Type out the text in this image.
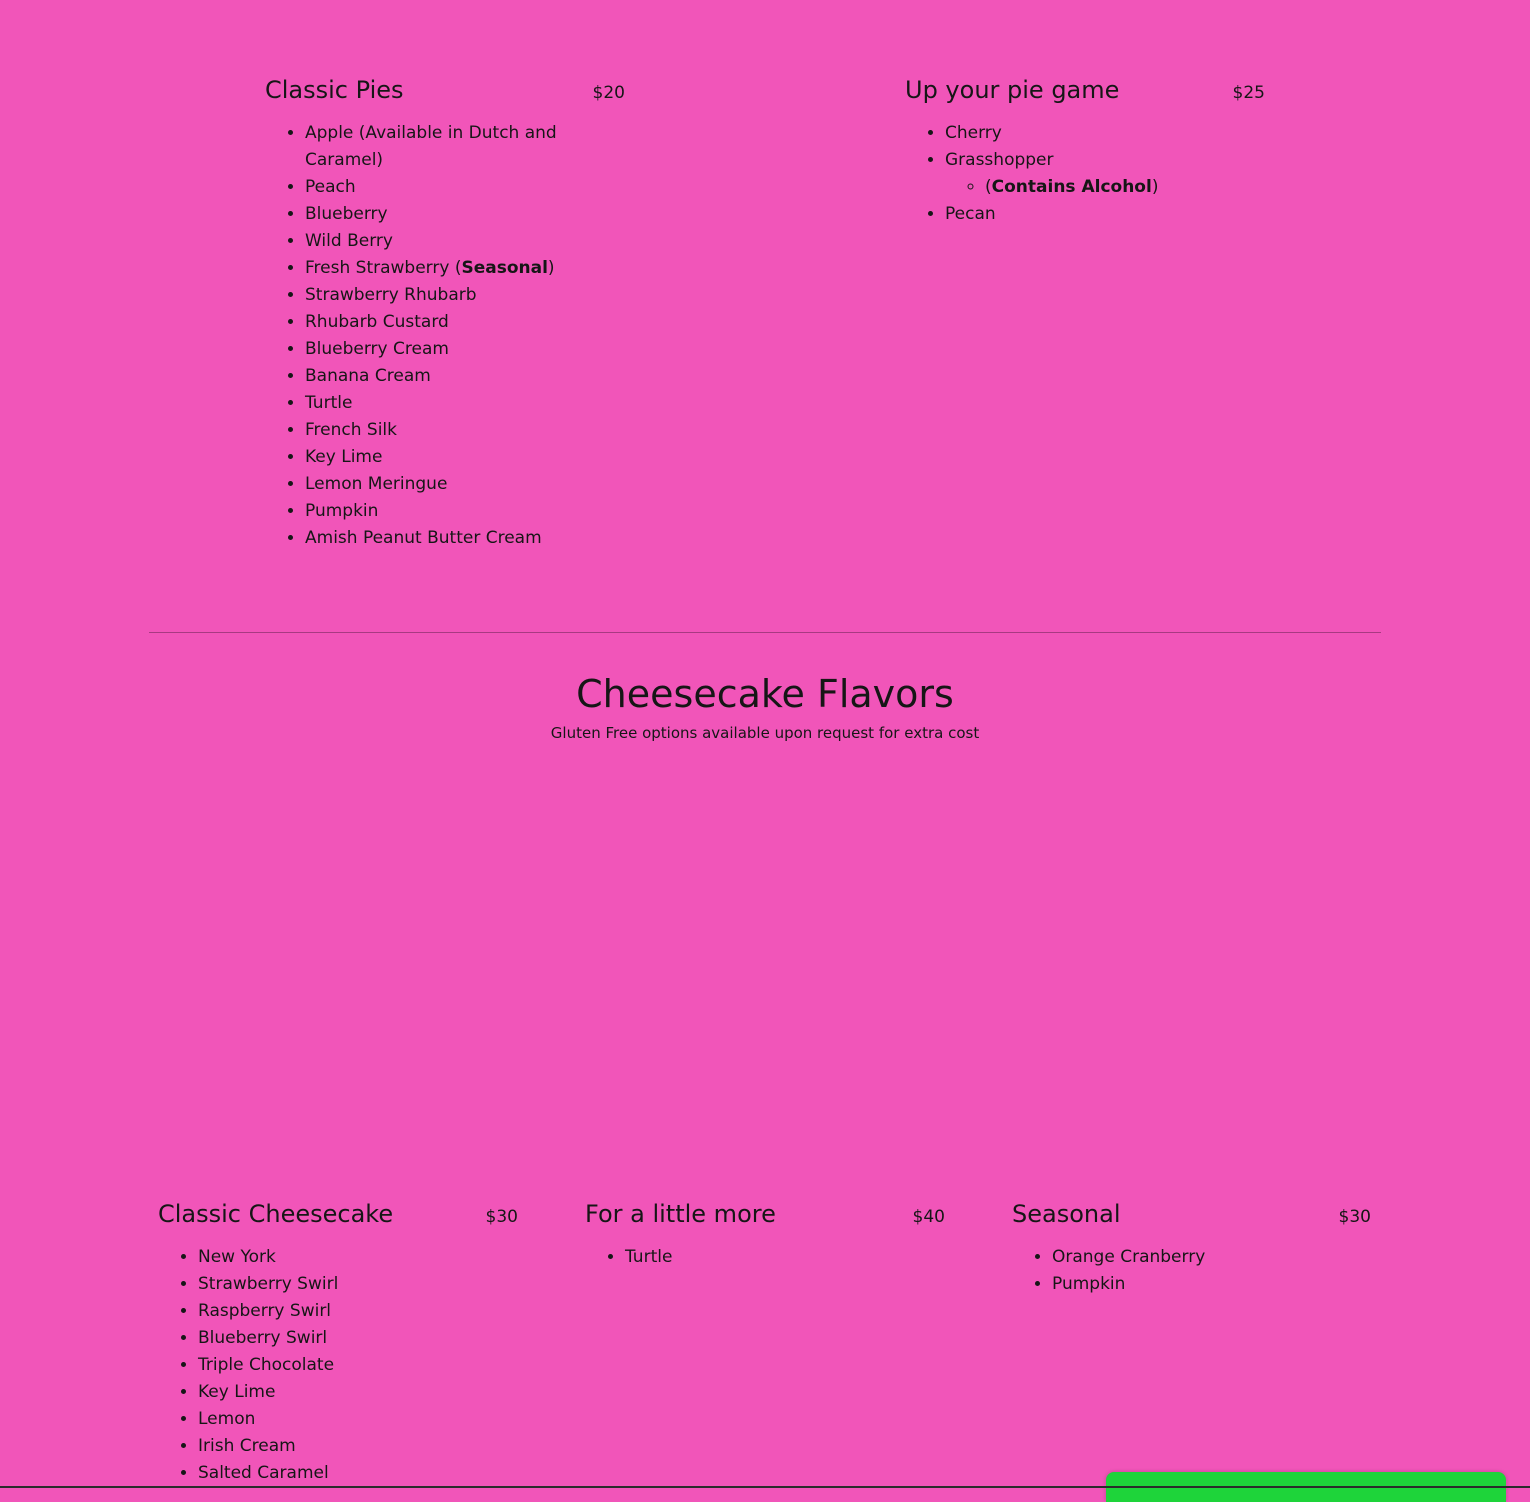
Classic Pies	$20
• Apple (Available in Dutch and Caramel)
• Peach
• Blueberry
• Wild Berry
• Fresh Strawberry (Seasonal)
• Strawberry Rhubarb
• Rhubarb Custard
• Blueberry Cream
• Banana Cream
• Turtle
• French Silk
• Key Lime
• Lemon Meringue
• Pumpkin
• Amish Peanut Butter Cream
Up your pie game	$25
• Cherry
• Grasshopper
◦ (Contains Alcohol)
• Pecan
Cheesecake Flavors
Gluten Free options available upon request for extra cost
Classic Cheesecake	$30
• New York
• Strawberry Swirl
• Raspberry Swirl
• Blueberry Swirl
• Triple Chocolate
• Key Lime
• Lemon
• Irish Cream
• Salted Caramel
For a little more	$40
• Turtle
Seasonal	$30
• Orange Cranberry
• Pumpkin
